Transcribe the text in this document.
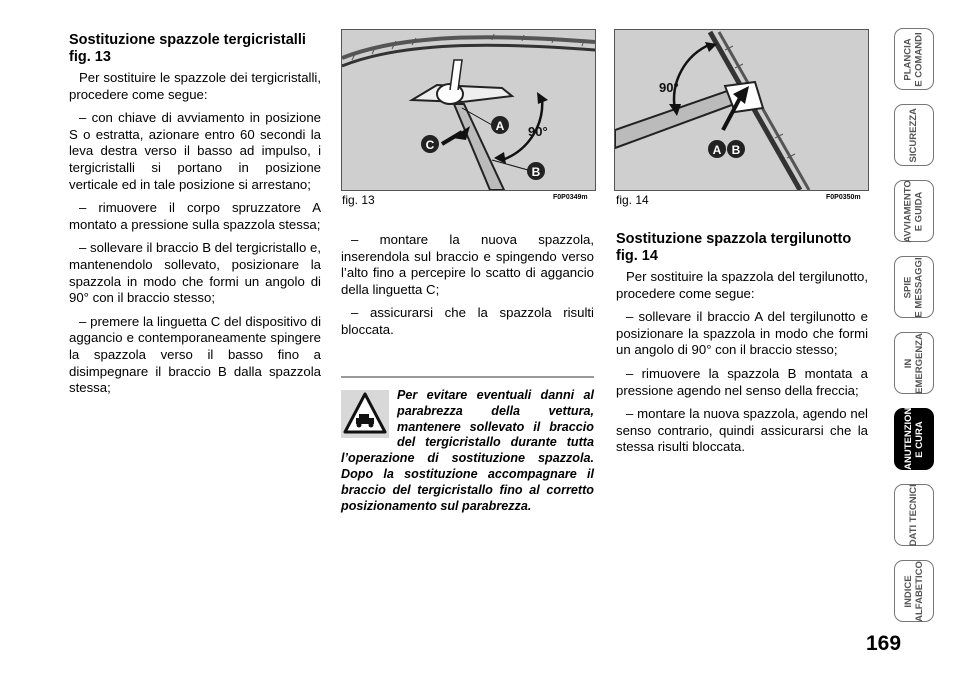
Sostituzione spazzole tergicristalli fig. 13

Per sostituire le spazzole dei tergicristalli, procedere come segue:

– con chiave di avviamento in posizione S o estratta, azionare entro 60 secondi la leva destra verso il basso ad impulso, i tergicristalli si portano in posizione verticale ed in tale posizione si arrestano;

– rimuovere il corpo spruzzatore A montato a pressione sulla spazzola stessa;

– sollevare il braccio B del tergicristallo e, mantenendolo sollevato, posizionare la spazzola in modo che formi un angolo di 90° con il braccio stesso;

– premere la linguetta C del dispositivo di aggancio e contemporaneamente spingere la spazzola verso il basso fino a disimpegnare il braccio B dalla spazzola stessa;

A
B
C
90°
fig. 13	F0P0349m

– montare la nuova spazzola, inserendola sul braccio e spingendo verso l’alto fino a percepire lo scatto di aggancio della linguetta C;

– assicurarsi che la spazzola risulti bloccata.

Per evitare eventuali danni al parabrezza della vettura, mantenere sollevato il braccio del tergicristallo durante tutta l’operazione di sostituzione spazzola. Dopo la sostituzione accompagnare il braccio del tergicristallo fino al corretto posizionamento sul parabrezza.
90°
A B
fig. 14	F0P0350m
Sostituzione spazzola tergilunotto fig. 14

Per sostituire la spazzola del tergilunotto, procedere come segue:

– sollevare il braccio A del tergilunotto e posizionare la spazzola in modo che formi un angolo di 90° con il braccio stesso;

– rimuovere la spazzola B montata a pressione agendo nel senso della freccia;

– montare la nuova spazzola, agendo nel senso contrario, quindi assicurarsi che la stessa risulti bloccata.

PLANCIA
E COMANDI
SICUREZZA
AVVIAMENTO
E GUIDA
SPIE
E MESSAGGI
IN
EMERGENZA
MANUTENZIONE
E CURA
DATI TECNICI
INDICE
ALFABETICO
169
